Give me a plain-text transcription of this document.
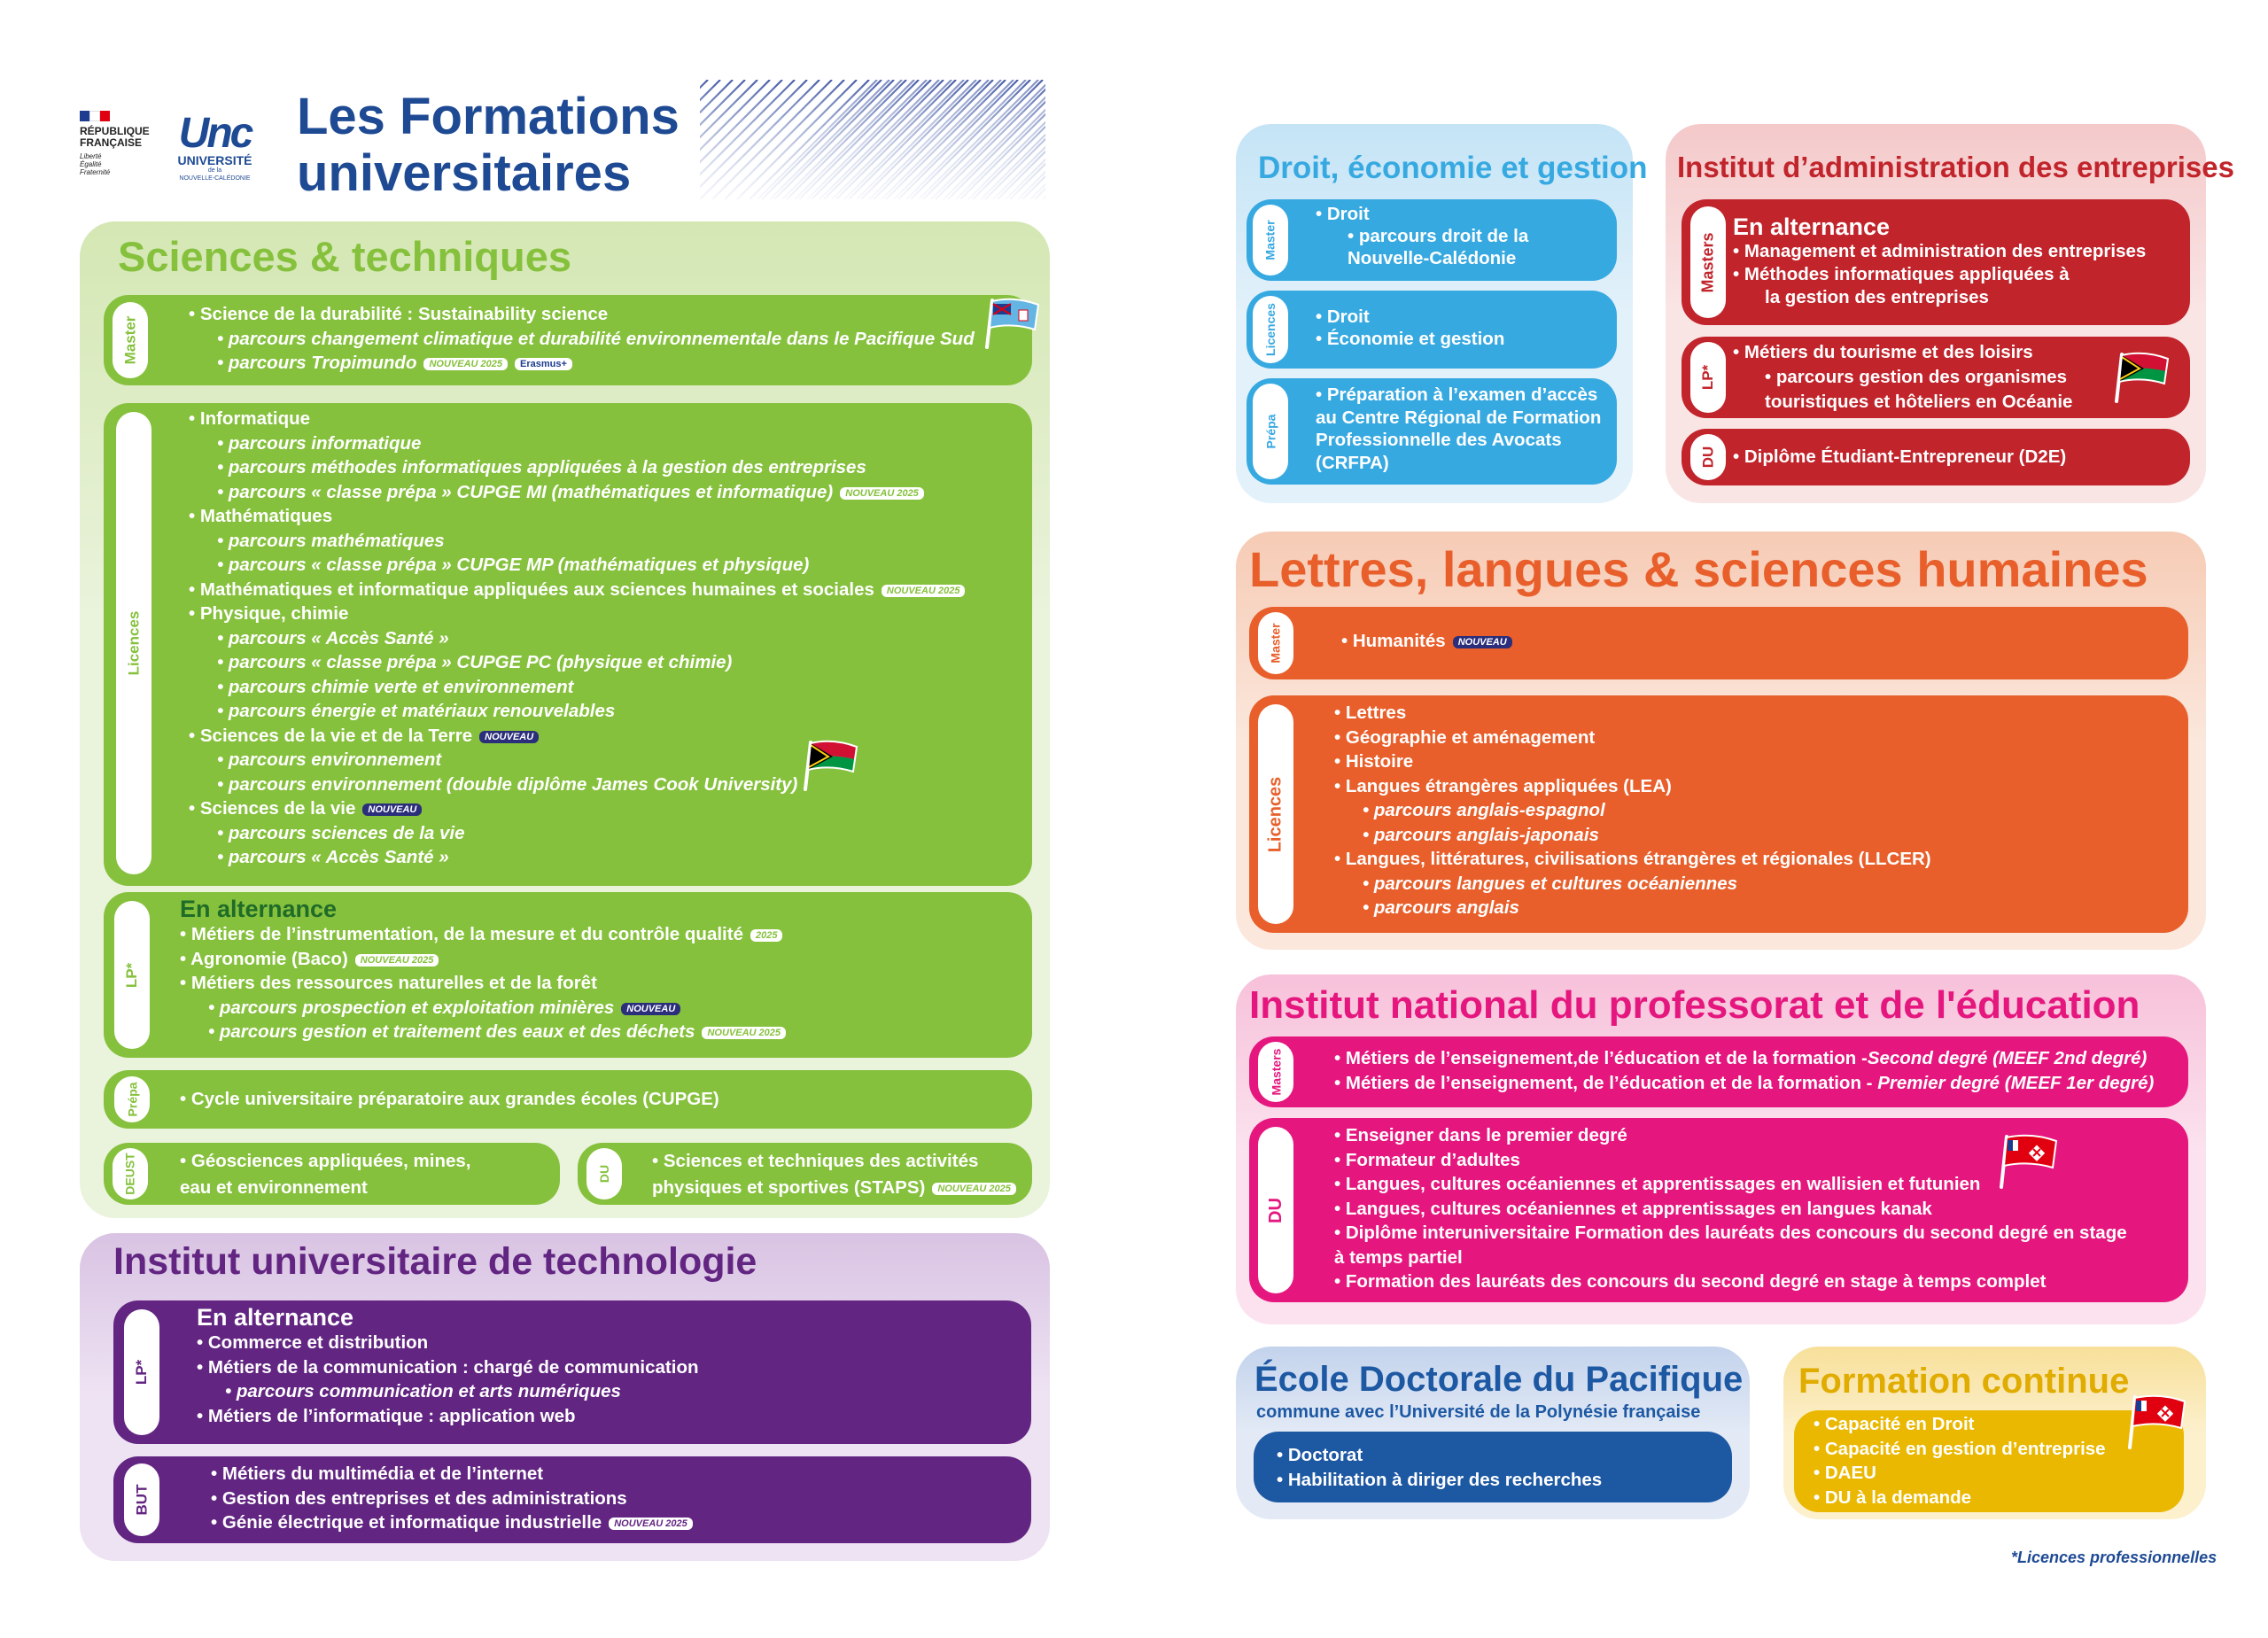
RÉPUBLIQUE
FRANÇAISE
Liberté
Égalité
Fraternité
Unc
UNIVERSITÉ
de la
NOUVELLE-CALÉDONIE
Les Formations
universitaires
Sciences & techniques
Master
• Science de la durabilité : Sustainability science
• parcours changement climatique et durabilité environnementale dans le Pacifique Sud
• parcours Tropimundo NOUVEAU 2025 Erasmus+
Licences
• Informatique
• parcours informatique
• parcours méthodes informatiques appliquées à la gestion des entreprises
• parcours « classe prépa » CUPGE MI (mathématiques et informatique) NOUVEAU 2025
• Mathématiques
• parcours mathématiques
• parcours « classe prépa » CUPGE MP (mathématiques et physique)
• Mathématiques et informatique appliquées aux sciences humaines et sociales NOUVEAU 2025
• Physique, chimie
• parcours « Accès Santé »
• parcours « classe prépa » CUPGE PC (physique et chimie)
• parcours chimie verte et environnement
• parcours énergie et matériaux renouvelables
• Sciences de la vie et de la Terre NOUVEAU
• parcours environnement
• parcours environnement (double diplôme James Cook University)
• Sciences de la vie NOUVEAU
• parcours sciences de la vie
• parcours « Accès Santé »
LP*
En alternance
• Métiers de l’instrumentation, de la mesure et du contrôle qualité 2025
• Agronomie (Baco) NOUVEAU 2025
• Métiers des ressources naturelles et de la forêt
• parcours prospection et exploitation minières NOUVEAU
• parcours gestion et traitement des eaux et des déchets NOUVEAU 2025
Prépa • Cycle universitaire préparatoire aux grandes écoles (CUPGE)
DEUST • Géosciences appliquées, mines,
eau et environnement
DU
• Sciences et techniques des activités
physiques et sportives (STAPS) NOUVEAU 2025
Institut universitaire de technologie
LP*
En alternance
• Commerce et distribution
• Métiers de la communication : chargé de communication
• parcours communication et arts numériques
• Métiers de l’informatique : application web
BUT
• Métiers du multimédia et de l’internet
• Gestion des entreprises et des administrations
• Génie électrique et informatique industrielle NOUVEAU 2025
Droit, économie et gestion
Master
• Droit
• parcours droit de la
Nouvelle-Calédonie
Licences • Droit
• Économie et gestion
Prépa
• Préparation à l’examen d’accès
au Centre Régional de Formation
Professionnelle des Avocats
(CRFPA)
Institut d’administration des entreprises
Masters
En alternance
• Management et administration des entreprises
• Méthodes informatiques appliquées à
la gestion des entreprises
LP*
• Métiers du tourisme et des loisirs
• parcours gestion des organismes
touristiques et hôteliers en Océanie
DU • Diplôme Étudiant-Entrepreneur (D2E)
Lettres, langues & sciences humaines
Master	• Humanités NOUVEAU
Licences
• Lettres
• Géographie et aménagement
• Histoire
• Langues étrangères appliquées (LEA)
• parcours anglais-espagnol
• parcours anglais-japonais
• Langues, littératures, civilisations étrangères et régionales (LLCER)
• parcours langues et cultures océaniennes
• parcours anglais
Institut national du professorat et de l'éducation
Masters	• Métiers de l’enseignement,de l’éducation et de la formation -Second degré (MEEF 2nd degré)
• Métiers de l’enseignement, de l’éducation et de la formation - Premier degré (MEEF 1er degré)
DU
• Enseigner dans le premier degré
• Formateur d’adultes
• Langues, cultures océaniennes et apprentissages en wallisien et futunien
• Langues, cultures océaniennes et apprentissages en langues kanak
• Diplôme interuniversitaire Formation des lauréats des concours du second degré en stage
à temps partiel
• Formation des lauréats des concours du second degré en stage à temps complet
École Doctorale du Pacifique
commune avec l’Université de la Polynésie française
• Doctorat
• Habilitation à diriger des recherches
Formation continue
• Capacité en Droit
• Capacité en gestion d’entreprise
• DAEU
• DU à la demande
*Licences professionnelles
